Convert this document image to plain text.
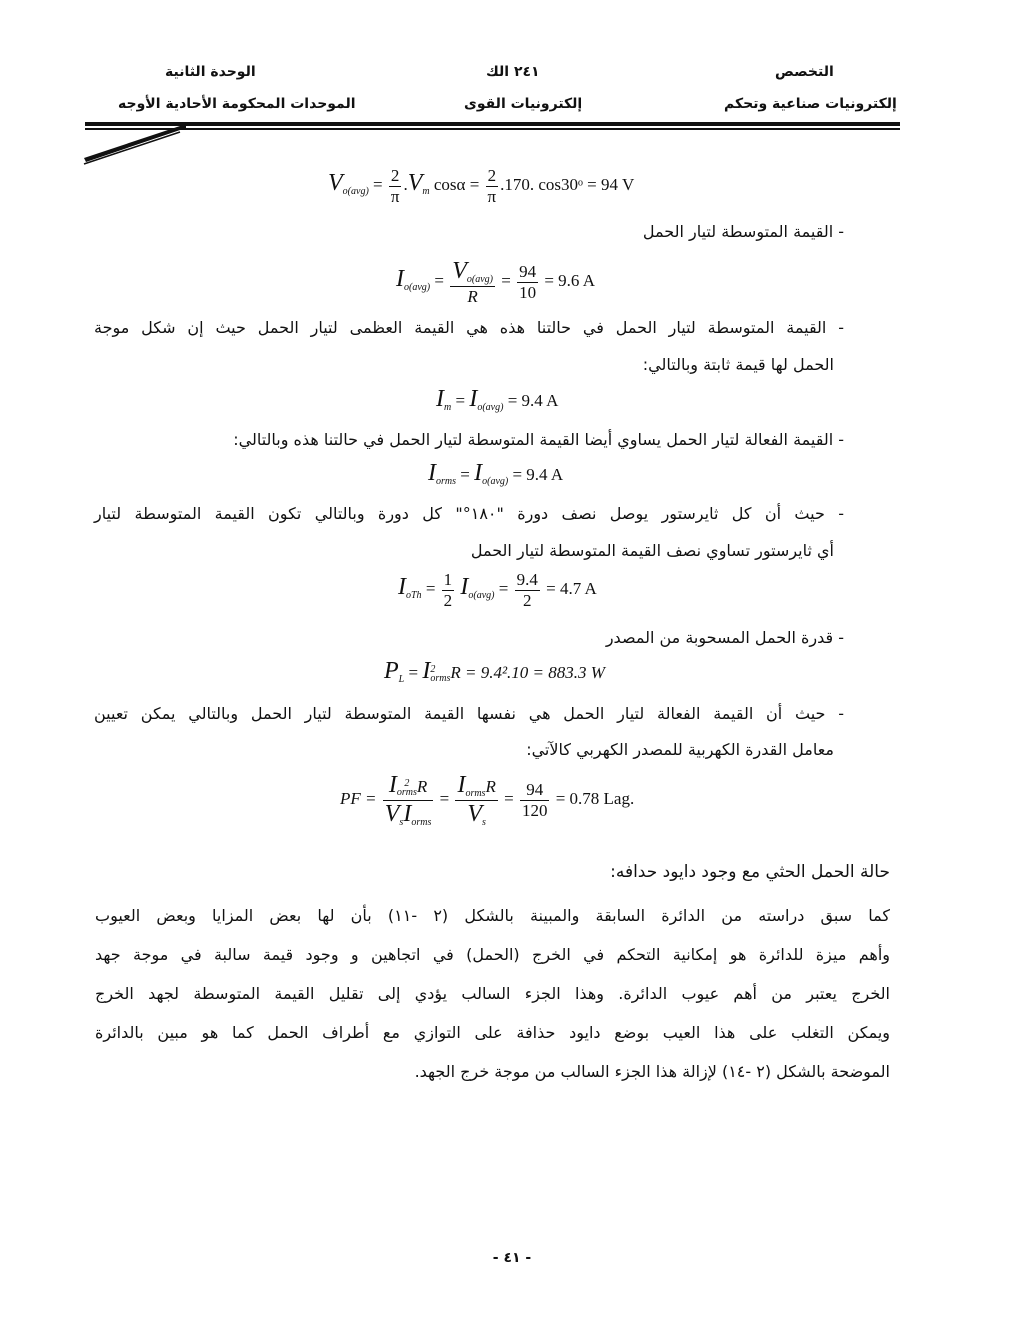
الوحدة الثانية
الموحدات المحكومة الأحادية الأوجه
٢٤١ الك
إلكترونيات القوى
التخصص
إلكترونيات صناعية وتحكم
$V_{o(avg)} = \frac{2}{\pi} .V_m$ $\cos\alpha = \frac{2}{\pi} .170$. cos30ᵒ = 94 V
- القيمة المتوسطة لتيار الحمل
$I_{o(avg)} = \frac{V_{o(avg)}}{R} = \frac{94}{10} = 9.6$ A
- القيمة المتوسطة لتيار الحمل في حالتنا هذه هي القيمة العظمى لتيار الحمل حيث إن شكل موجة
الحمل لها قيمة ثابتة وبالتالي:
$I_m = I_{o(avg)} = 9.4$ A
- القيمة الفعالة لتيار الحمل يساوي أيضا القيمة المتوسطة لتيار الحمل في حالتنا هذه وبالتالي:
$I_{orms} = I_{o(avg)} = 9.4$ A
- حيث أن كل ثايرستور يوصل نصف دورة "١٨٠°" كل دورة وبالتالي تكون القيمة المتوسطة لتيار
أي ثايرستور تساوي نصف القيمة المتوسطة لتيار الحمل
$I_{oTh} = \frac{1}{2} I_{o(avg)} = \frac{9.4}{2} = 4.7$ A
- قدرة الحمل المسحوبة من المصدر
$P_L = I$ 2
orms R = 9.4².10 = 883.3 W
- حيث أن القيمة الفعالة لتيار الحمل هي نفسها القيمة المتوسطة لتيار الحمل وبالتالي يمكن تعيين
معامل القدرة الكهربية للمصدر الكهربي كالآتي:
PF = I 2
orms R
$V_sI_{orms} = \frac{I_{orms}R}{V_s} = \frac{94}{120} = 0.78$ Lag.
حالة الحمل الحثي مع وجود دايود حدافه:
كما سبق دراسته من الدائرة السابقة والمبينة بالشكل (٢ -١١) بأن لها بعض المزايا وبعض العيوب
وأهم ميزة للدائرة هو إمكانية التحكم في الخرج (الحمل) في اتجاهين و وجود قيمة سالبة في موجة جهد
الخرج يعتبر من أهم عيوب الدائرة. وهذا الجزء السالب يؤدي إلى تقليل القيمة المتوسطة لجهد الخرج
ويمكن التغلب على هذا العيب بوضع دايود حذافة على التوازي مع أطراف الحمل كما هو مبين بالدائرة
الموضحة بالشكل (٢ -١٤) لإزالة هذا الجزء السالب من موجة خرج الجهد.
- ٤١ -
